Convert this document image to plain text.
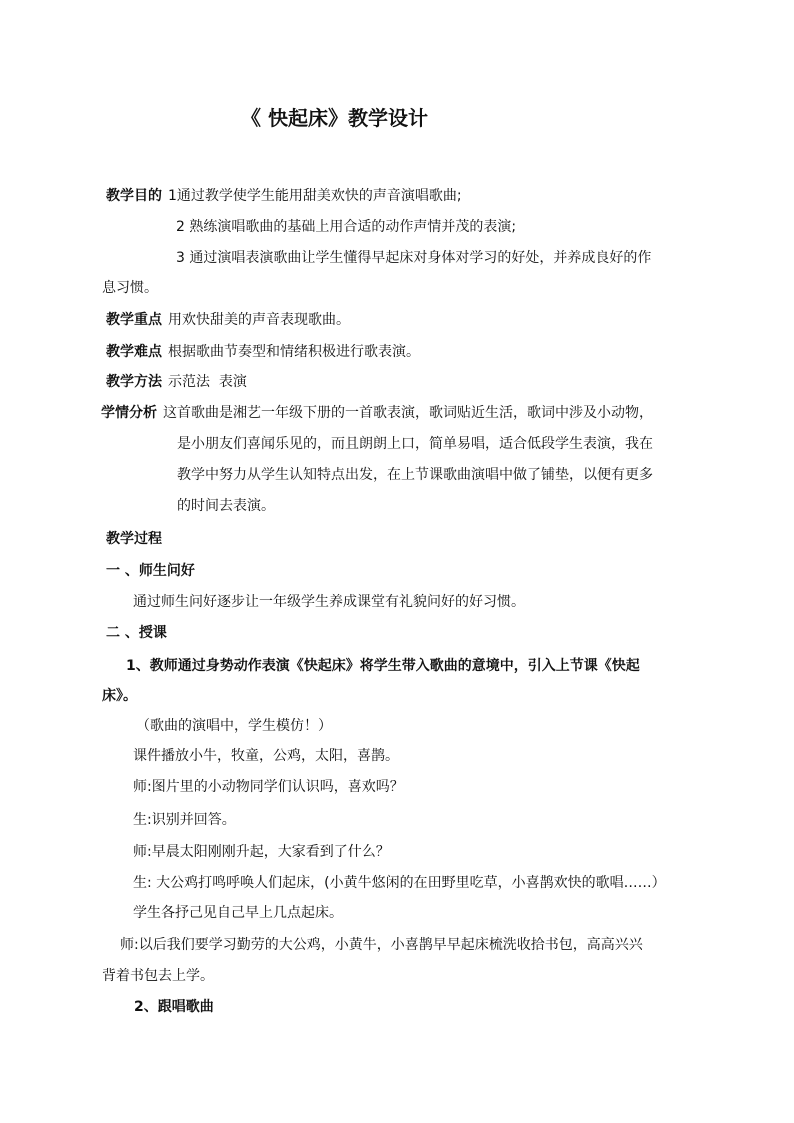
《 快起床》教学设计
教学目的 1通过教学使学生能用甜美欢快的声音演唱歌曲;
2 熟练演唱歌曲的基础上用合适的动作声情并茂的表演;
3 通过演唱表演歌曲让学生懂得早起床对身体对学习的好处，并养成良好的作
息习惯。
教学重点 用欢快甜美的声音表现歌曲。
教学难点 根据歌曲节奏型和情绪积极进行歌表演。
教学方法 示范法  表演
学情分析 这首歌曲是湘艺一年级下册的一首歌表演，歌词贴近生活，歌词中涉及小动物，
是小朋友们喜闻乐见的，而且朗朗上口，简单易唱，适合低段学生表演，我在
教学中努力从学生认知特点出发，在上节课歌曲演唱中做了铺垫，以便有更多
的时间去表演。
教学过程
一 、师生问好
通过师生问好逐步让一年级学生养成课堂有礼貌问好的好习惯。
二 、授课
1、教师通过身势动作表演《快起床》将学生带入歌曲的意境中，引入上节课《快起
床》。
（歌曲的演唱中，学生模仿！）
课件播放小牛，牧童，公鸡，太阳，喜鹊。
师:图片里的小动物同学们认识吗，喜欢吗？
生:识别并回答。
师:早晨太阳刚刚升起，大家看到了什么？
生: 大公鸡打鸣呼唤人们起床，(小黄牛悠闲的在田野里吃草，小喜鹊欢快的歌唱……）
学生各抒己见自己早上几点起床。
师:以后我们要学习勤劳的大公鸡，小黄牛，小喜鹊早早起床梳洗收拾书包，高高兴兴
背着书包去上学。
2、跟唱歌曲
